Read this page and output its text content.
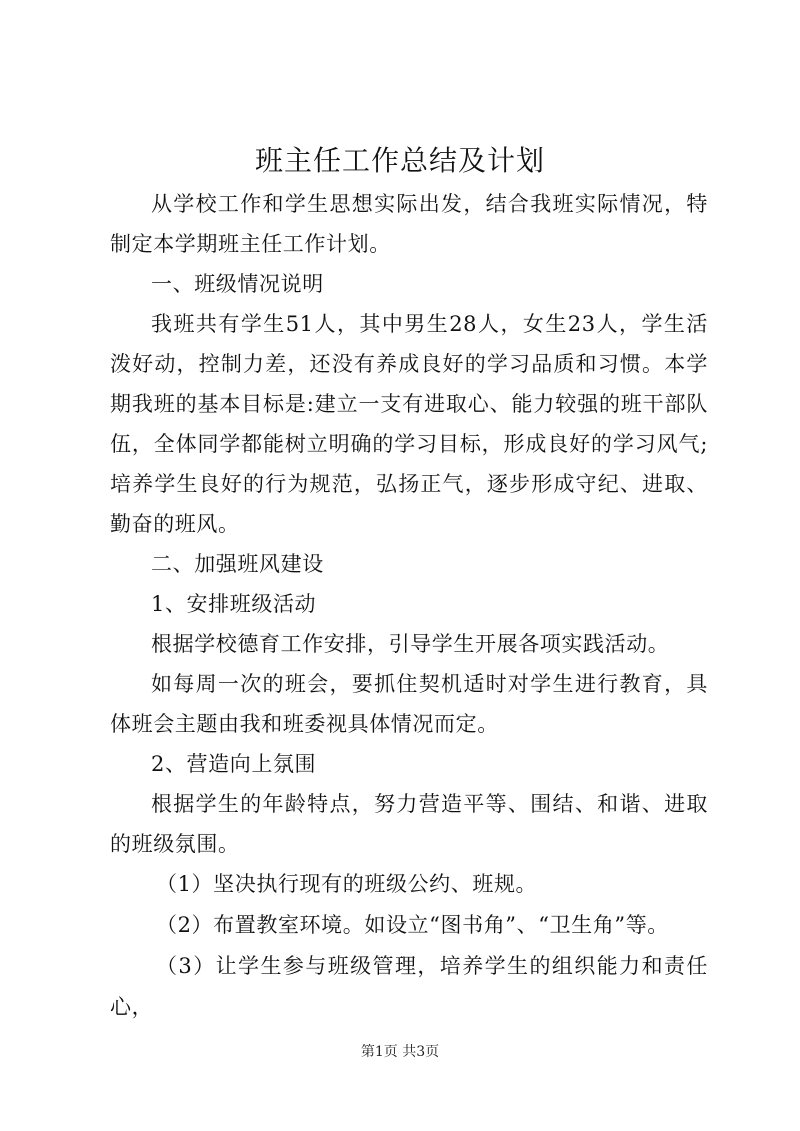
班主任工作总结及计划

从学校工作和学生思想实际出发，结合我班实际情况，特制定本学期班主任工作计划。

一、班级情况说明

我班共有学生51人，其中男生28人，女生23人，学生活泼好动，控制力差，还没有养成良好的学习品质和习惯。本学期我班的基本目标是:建立一支有进取心、能力较强的班干部队伍，全体同学都能树立明确的学习目标，形成良好的学习风气;培养学生良好的行为规范，弘扬正气，逐步形成守纪、进取、勤奋的班风。

二、加强班风建设

1、安排班级活动

根据学校德育工作安排，引导学生开展各项实践活动。

如每周一次的班会，要抓住契机适时对学生进行教育，具体班会主题由我和班委视具体情况而定。

2、营造向上氛围

根据学生的年龄特点，努力营造平等、围结、和谐、进取的班级氛围。

（1）坚决执行现有的班级公约、班规。

（2）布置教室环境。如设立“图书角”、“卫生角”等。

（3）让学生参与班级管理，培养学生的组织能力和责任心，

第1页 共3页
